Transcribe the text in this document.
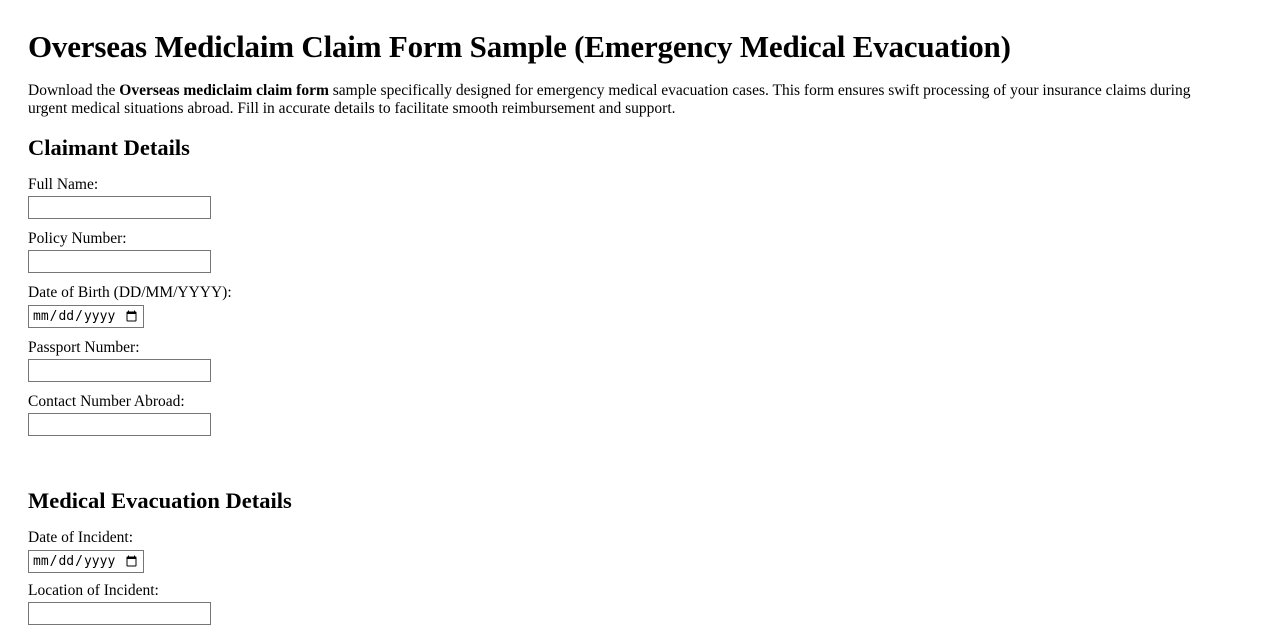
Overseas Mediclaim Claim Form Sample (Emergency Medical Evacuation)

Download the Overseas mediclaim claim form sample specifically designed for emergency medical evacuation cases. This form ensures swift processing of your insurance claims during urgent medical situations abroad. Fill in accurate details to facilitate smooth reimbursement and support.

Claimant Details
Full Name:
Policy Number:
Date of Birth (DD/MM/YYYY):
Passport Number:
Contact Number Abroad:
Medical Evacuation Details
Date of Incident:
Location of Incident:
